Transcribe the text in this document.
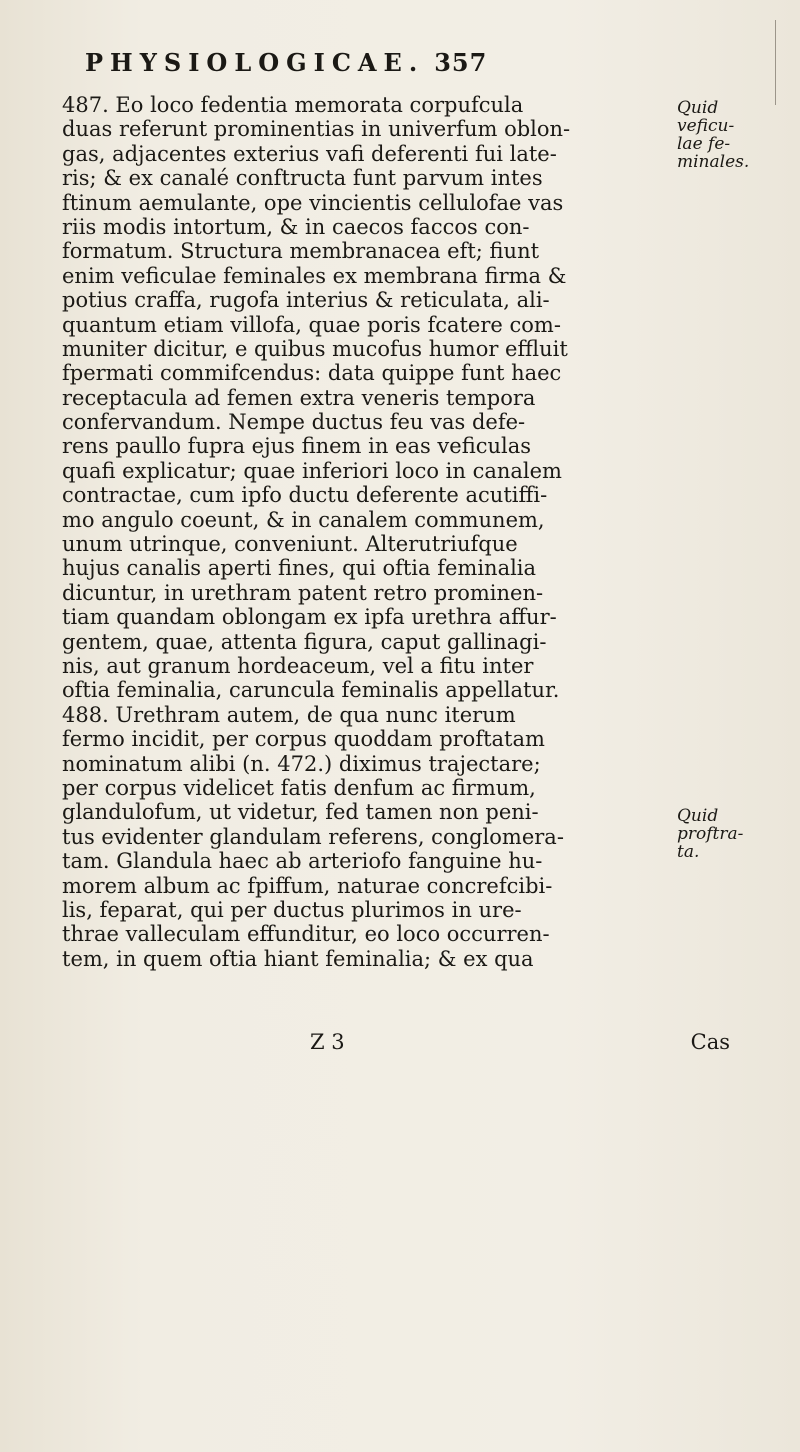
PHYSIOLOGICAE. 357
487. Eo loco fedentia memorata corpufcula
duas referunt prominentias in univerfum oblon-
gas, adjacentes exterius vafi deferenti fui late-
ris; & ex canalé conftructa funt parvum intes
ftinum aemulante, ope vincientis cellulofae vas
riis modis intortum, & in caecos faccos con-
formatum. Structura membranacea eft; fiunt
enim veficulae feminales ex membrana firma &
potius craffa, rugofa interius & reticulata, ali-
quantum etiam villofa, quae poris fcatere com-
muniter dicitur, e quibus mucofus humor effluit
fpermati commifcendus: data quippe funt haec
receptacula ad femen extra veneris tempora
confervandum. Nempe ductus feu vas defe-
rens paullo fupra ejus finem in eas veficulas
quafi explicatur; quae inferiori loco in canalem
contractae, cum ipfo ductu deferente acutiffi-
mo angulo coeunt, & in canalem communem,
unum utrinque, conveniunt. Alterutriufque
hujus canalis aperti fines, qui oftia feminalia
dicuntur, in urethram patent retro prominen-
tiam quandam oblongam ex ipfa urethra affur-
gentem, quae, attenta figura, caput gallinagi-
nis, aut granum hordeaceum, vel a fitu inter
oftia feminalia, caruncula feminalis appellatur.
488. Urethram autem, de qua nunc iterum
fermo incidit, per corpus quoddam proftatam
nominatum alibi (n. 472.) diximus trajectare;
per corpus videlicet fatis denfum ac firmum,
glandulofum, ut videtur, fed tamen non peni-
tus evidenter glandulam referens, conglomera-
tam. Glandula haec ab arteriofo fanguine hu-
morem album ac fpiffum, naturae concrefcibi-
lis, feparat, qui per ductus plurimos in ure-
thrae valleculam effunditur, eo loco occurren-
tem, in quem oftia hiant feminalia; & ex qua
Quid
veficu-
lae fe-
minales.
Quid
proftra-
ta.
Z 3	Cas
